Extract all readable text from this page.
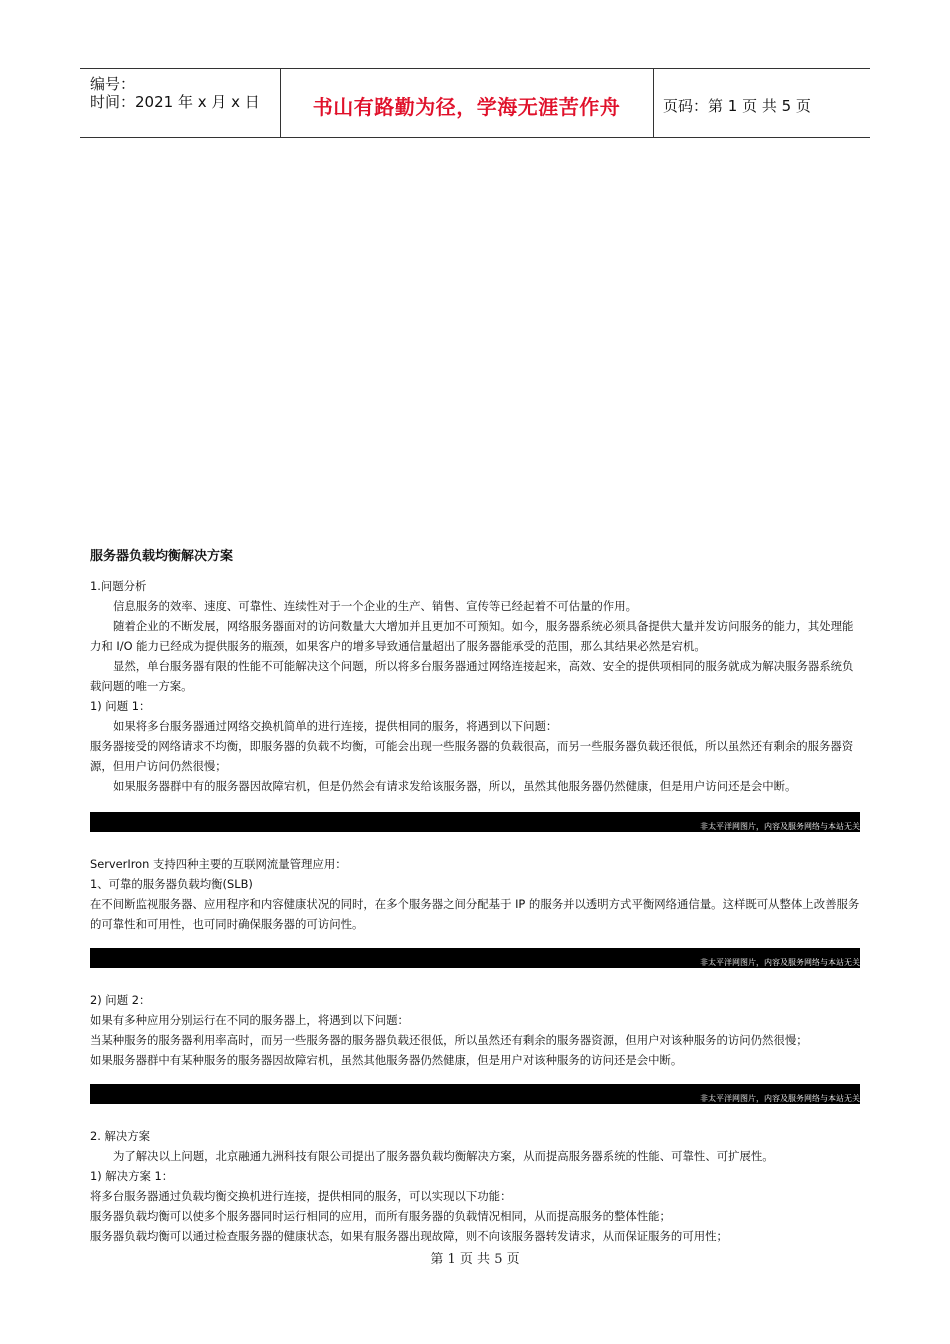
编号：
时间：2021 年 x 月 x 日	书山有路勤为径，学海无涯苦作舟	页码：第 1 页 共 5 页
服务器负载均衡解决方案

1.问题分析

信息服务的效率、速度、可靠性、连续性对于一个企业的生产、销售、宣传等已经起着不可估量的作用。

随着企业的不断发展，网络服务器面对的访问数量大大增加并且更加不可预知。如今，服务器系统必须具备提供大量并发访问服务的能力，其处理能力和 I/O 能力已经成为提供服务的瓶颈，如果客户的增多导致通信量超出了服务器能承受的范围，那么其结果必然是宕机。

显然，单台服务器有限的性能不可能解决这个问题，所以将多台服务器通过网络连接起来，高效、安全的提供项相同的服务就成为解决服务器系统负载问题的唯一方案。

1) 问题 1：

如果将多台服务器通过网络交换机简单的进行连接，提供相同的服务，将遇到以下问题：

服务器接受的网络请求不均衡，即服务器的负载不均衡，可能会出现一些服务器的负载很高，而另一些服务器负载还很低，所以虽然还有剩余的服务器资源，但用户访问仍然很慢；

如果服务器群中有的服务器因故障宕机，但是仍然会有请求发给该服务器，所以，虽然其他服务器仍然健康，但是用户访问还是会中断。

非太平洋网图片，内容及服务网络与本站无关

ServerIron 支持四种主要的互联网流量管理应用：

1、可靠的服务器负载均衡(SLB)

在不间断监视服务器、应用程序和内容健康状况的同时，在多个服务器之间分配基于 IP 的服务并以透明方式平衡网络通信量。这样既可从整体上改善服务的可靠性和可用性，也可同时确保服务器的可访问性。

非太平洋网图片，内容及服务网络与本站无关

2) 问题 2：

如果有多种应用分别运行在不同的服务器上，将遇到以下问题：

当某种服务的服务器利用率高时，而另一些服务器的服务器负载还很低，所以虽然还有剩余的服务器资源，但用户对该种服务的访问仍然很慢；

如果服务器群中有某种服务的服务器因故障宕机，虽然其他服务器仍然健康，但是用户对该种服务的访问还是会中断。

非太平洋网图片，内容及服务网络与本站无关

2. 解决方案

为了解决以上问题，北京融通九洲科技有限公司提出了服务器负载均衡解决方案，从而提高服务器系统的性能、可靠性、可扩展性。

1) 解决方案 1：

将多台服务器通过负载均衡交换机进行连接，提供相同的服务，可以实现以下功能：

服务器负载均衡可以使多个服务器同时运行相同的应用，而所有服务器的负载情况相同，从而提高服务的整体性能；

服务器负载均衡可以通过检查服务器的健康状态，如果有服务器出现故障，则不向该服务器转发请求，从而保证服务的可用性；

第 1 页 共 5 页
